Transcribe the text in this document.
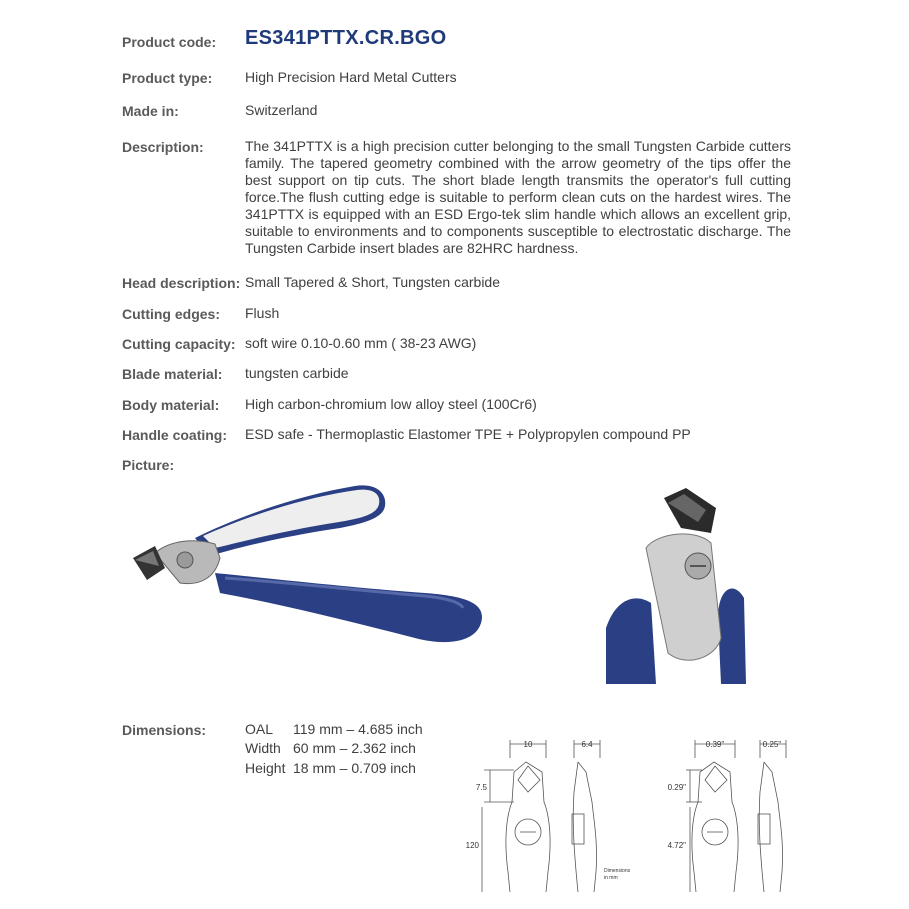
Product code: ES341PTTX.CR.BGO
Product type: High Precision Hard Metal Cutters
Made in:	Switzerland
Description:	The 341PTTX is a high precision cutter belonging to the small Tungsten Carbide cutters family. The tapered geometry combined with the arrow geometry of the tips offer the best support on tip cuts. The short blade length transmits the operator's full cutting force.The flush cutting edge is suitable to perform clean cuts on the hardest wires. The 341PTTX is equipped with an ESD Ergo-tek slim handle which allows an excellent grip, suitable to environments and to components susceptible to electrostatic discharge. The Tungsten Carbide insert blades are 82HRC hardness.
Head description: Small Tapered & Short, Tungsten carbide
Cutting edges: Flush
Cutting capacity: soft wire 0.10-0.60 mm ( 38-23 AWG)
Blade material: tungsten carbide
Body material: High carbon-chromium low alloy steel (100Cr6)
Handle coating: ESD safe - Thermoplastic Elastomer TPE + Polypropylen compound PP
Picture:
Dimensions:	OAL 119 mm – 4.685 inch
Width 60 mm – 2.362 inch
Height 18 mm – 0.709 inch
10	6.4
7.5
120
Dimensions
in mm
0.39"	0.25"
0.29"
4.72"
